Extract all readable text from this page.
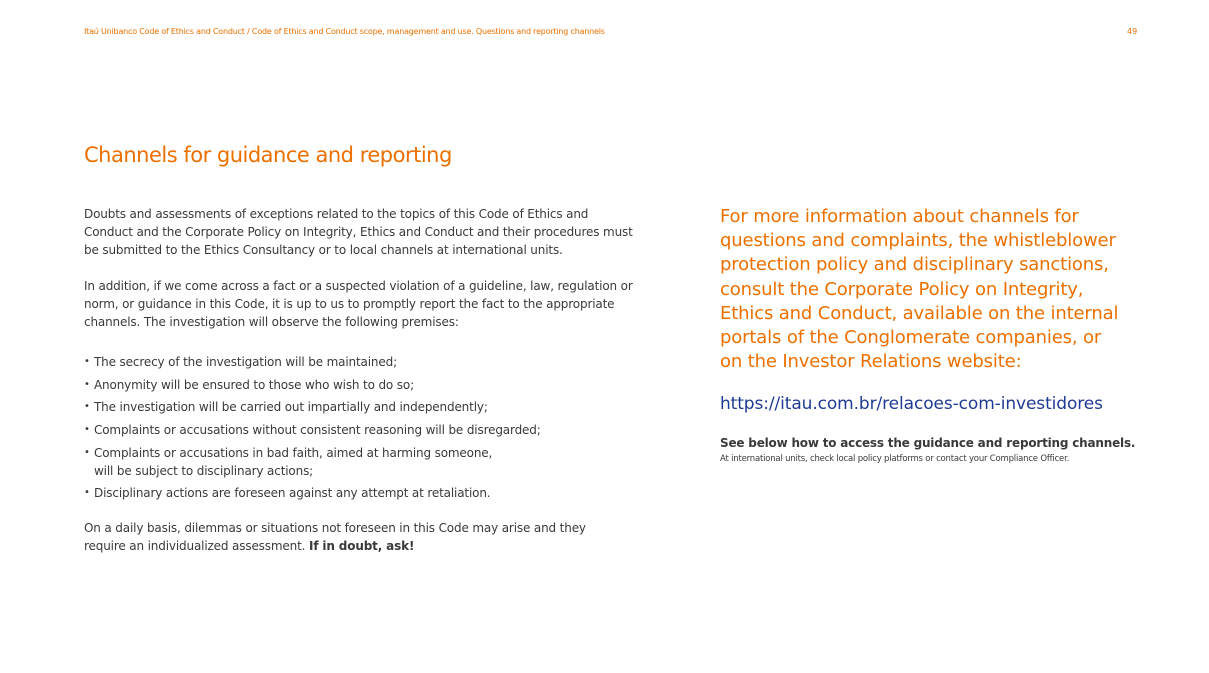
Itaú Unibanco Code of Ethics and Conduct / Code of Ethics and Conduct scope, management and use. Questions and reporting channels	49
Channels for guidance and reporting

Doubts and assessments of exceptions related to the topics of this Code of Ethics and Conduct and the Corporate Policy on Integrity, Ethics and Conduct and their procedures must be submitted to the Ethics Consultancy or to local channels at international units.

In addition, if we come across a fact or a suspected violation of a guideline, law, regulation or norm, or guidance in this Code, it is up to us to promptly report the fact to the appropriate channels. The investigation will observe the following premises:

• The secrecy of the investigation will be maintained;
• Anonymity will be ensured to those who wish to do so;
• The investigation will be carried out impartially and independently;
• Complaints or accusations without consistent reasoning will be disregarded;
• Complaints or accusations in bad faith, aimed at harming someone, will be subject to disciplinary actions;
• Disciplinary actions are foreseen against any attempt at retaliation.

On a daily basis, dilemmas or situations not foreseen in this Code may arise and they require an individualized assessment. If in doubt, ask!

For more information about channels for questions and complaints, the whistleblower protection policy and disciplinary sanctions, consult the Corporate Policy on Integrity, Ethics and Conduct, available on the internal portals of the Conglomerate companies, or on the Investor Relations website:

https://itau.com.br/relacoes-com-investidores

See below how to access the guidance and reporting channels.

At international units, check local policy platforms or contact your Compliance Officer.
